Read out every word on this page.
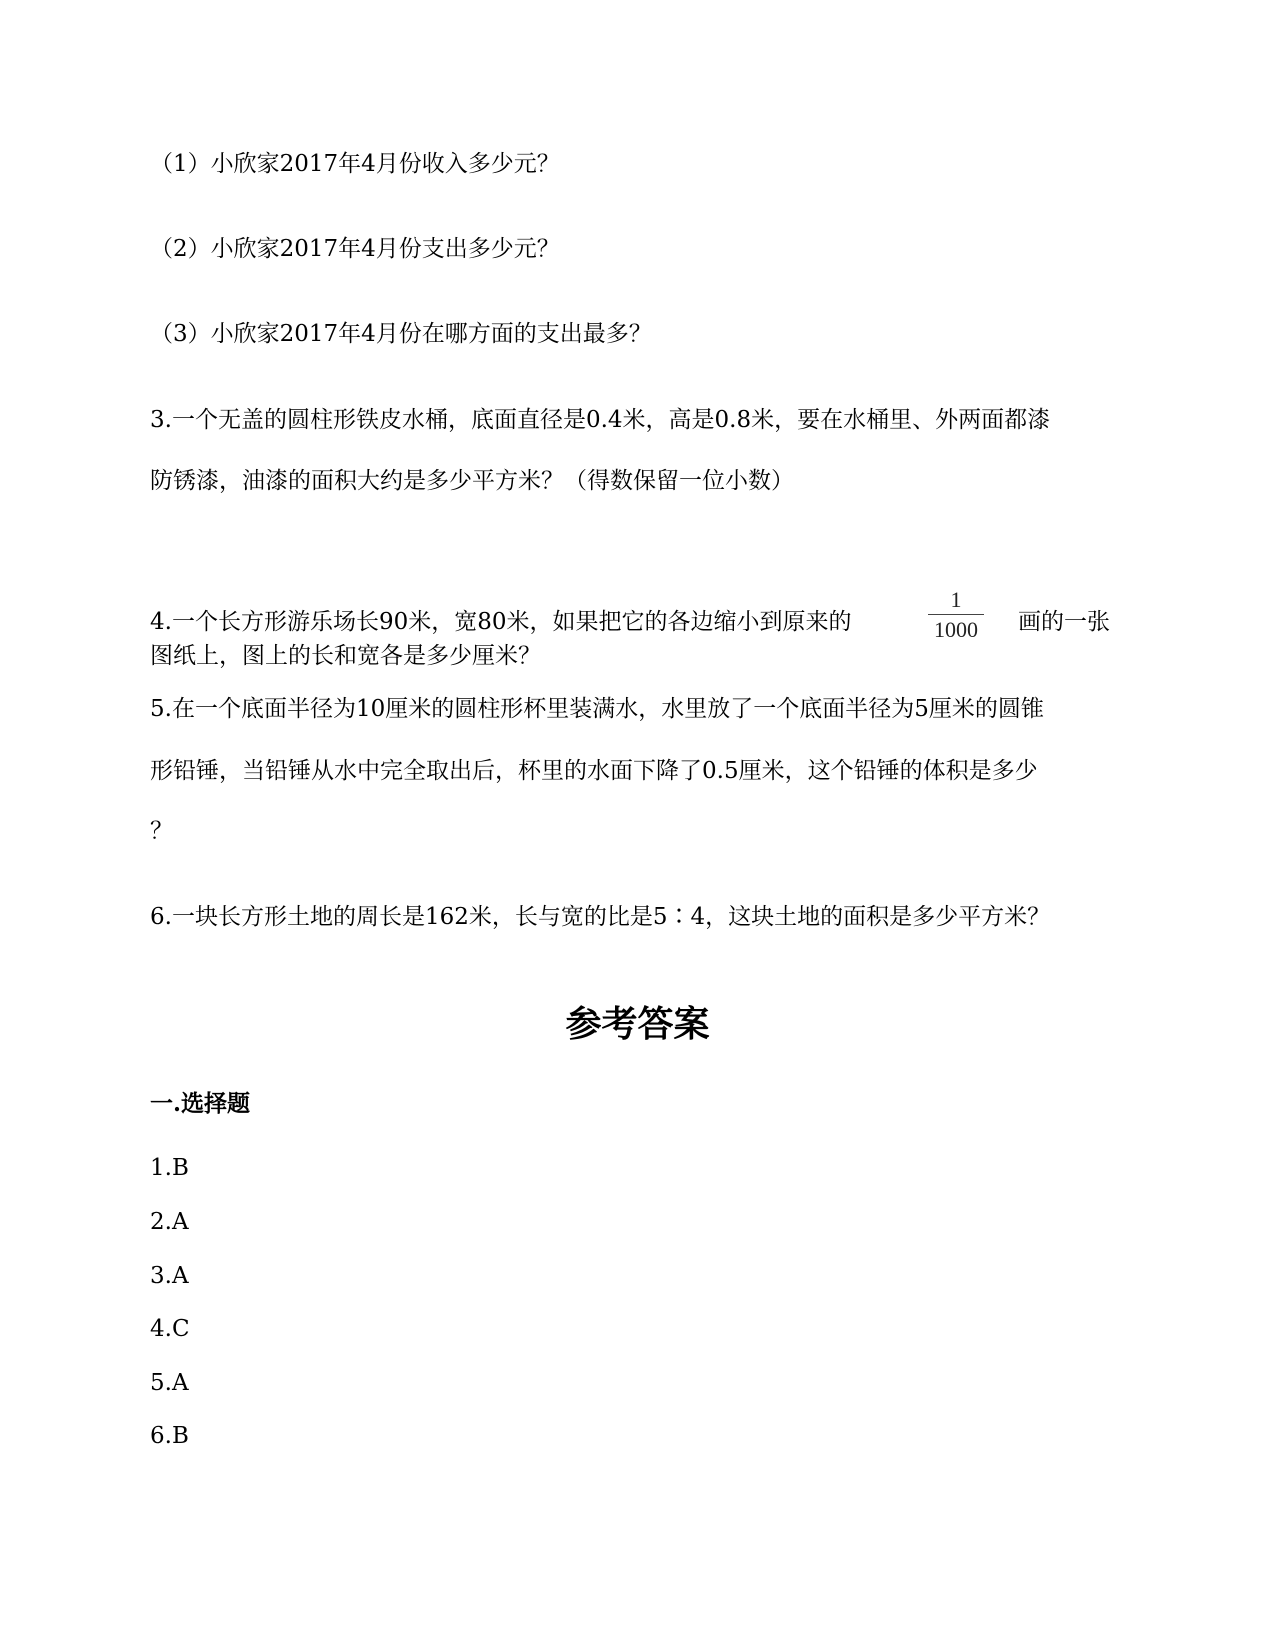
（1）小欣家2017年4月份收入多少元？
（2）小欣家2017年4月份支出多少元？
（3）小欣家2017年4月份在哪方面的支出最多？
3.一个无盖的圆柱形铁皮水桶，底面直径是0.4米，高是0.8米，要在水桶里、外两面都漆
防锈漆，油漆的面积大约是多少平方米？（得数保留一位小数）
4.一个长方形游乐场长90米，宽80米，如果把它的各边缩小到原来的
1
1000 画的一张
图纸上，图上的长和宽各是多少厘米？
5.在一个底面半径为10厘米的圆柱形杯里装满水，水里放了一个底面半径为5厘米的圆锥
形铅锤，当铅锤从水中完全取出后，杯里的水面下降了0.5厘米，这个铅锤的体积是多少
？
6.一块长方形土地的周长是162米，长与宽的比是5∶4，这块土地的面积是多少平方米？
参考答案
一.选择题
1.B
2.A
3.A
4.C
5.A
6.B
